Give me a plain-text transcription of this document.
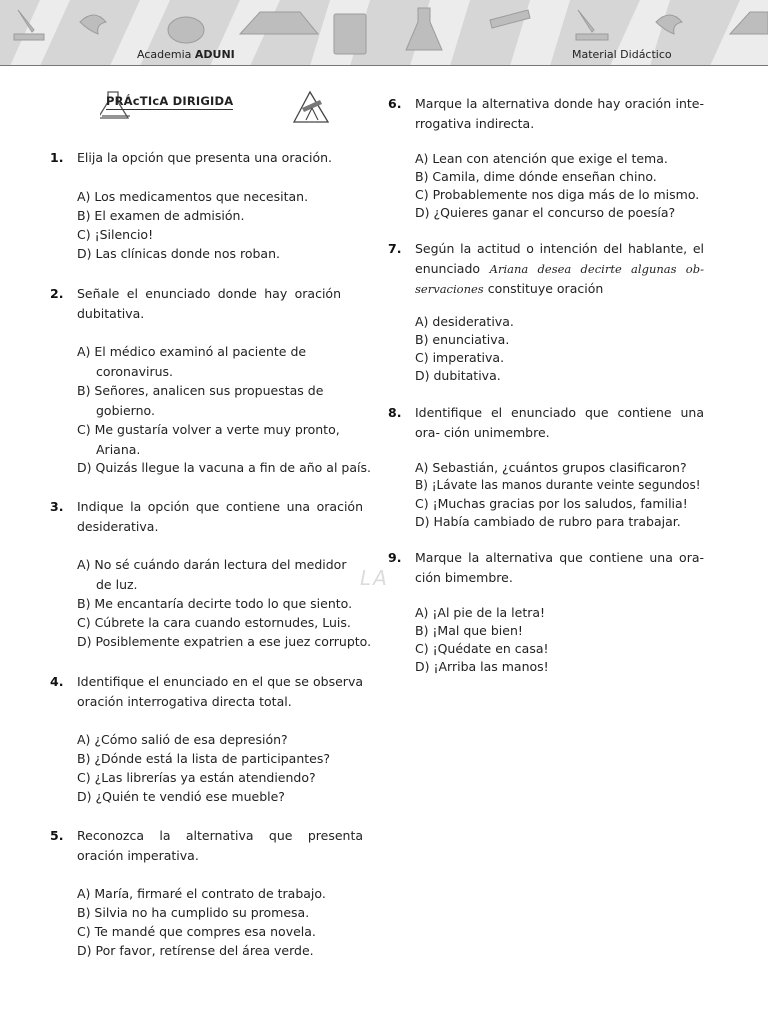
Academia ADUNI	Material Didáctico
PRÁcTIcA DIRIGIDA
LA
1. Elija la opción que presenta una oración.
A) Los medicamentos que necesitan.
B) El examen de admisión.
C) ¡Silencio!
D) Las clínicas donde nos roban.
2. Señale el enunciado donde hay oración dubitativa.
A) El médico examinó al paciente de coronavirus.
B) Señores, analicen sus propuestas de gobierno.
C) Me gustaría volver a verte muy pronto, Ariana.
D) Quizás llegue la vacuna a fin de año al país.
3. Indique la opción que contiene una oración desiderativa.
A) No sé cuándo darán lectura del medidor de luz.
B) Me encantaría decirte todo lo que siento.
C) Cúbrete la cara cuando estornudes, Luis.
D) Posiblemente expatrien a ese juez corrupto.
4. Identifique el enunciado en el que se observa oración interrogativa directa total.
A) ¿Cómo salió de esa depresión?
B) ¿Dónde está la lista de participantes?
C) ¿Las librerías ya están atendiendo?
D) ¿Quién te vendió ese mueble?
5. Reconozca la alternativa que presenta oración imperativa.
A) María, firmaré el contrato de trabajo.
B) Silvia no ha cumplido su promesa.
C) Te mandé que compres esa novela.
D) Por favor, retírense del área verde.
6. Marque la alternativa donde hay oración inte- rrogativa indirecta.
A) Lean con atención que exige el tema.
B) Camila, dime dónde enseñan chino.
C) Probablemente nos diga más de lo mismo.
D) ¿Quieres ganar el concurso de poesía?
7. Según la actitud o intención del hablante, el enunciado Ariana desea decirte algunas ob- servaciones constituye oración
A) desiderativa.
B) enunciativa.
C) imperativa.
D) dubitativa.
8. Identifique el enunciado que contiene una ora- ción unimembre.
A) Sebastián, ¿cuántos grupos clasificaron?
B) ¡Lávate las manos durante veinte segundos!
C) ¡Muchas gracias por los saludos, familia!
D) Había cambiado de rubro para trabajar.
9. Marque la alternativa que contiene una ora- ción bimembre.
A) ¡Al pie de la letra!
B) ¡Mal que bien!
C) ¡Quédate en casa!
D) ¡Arriba las manos!
